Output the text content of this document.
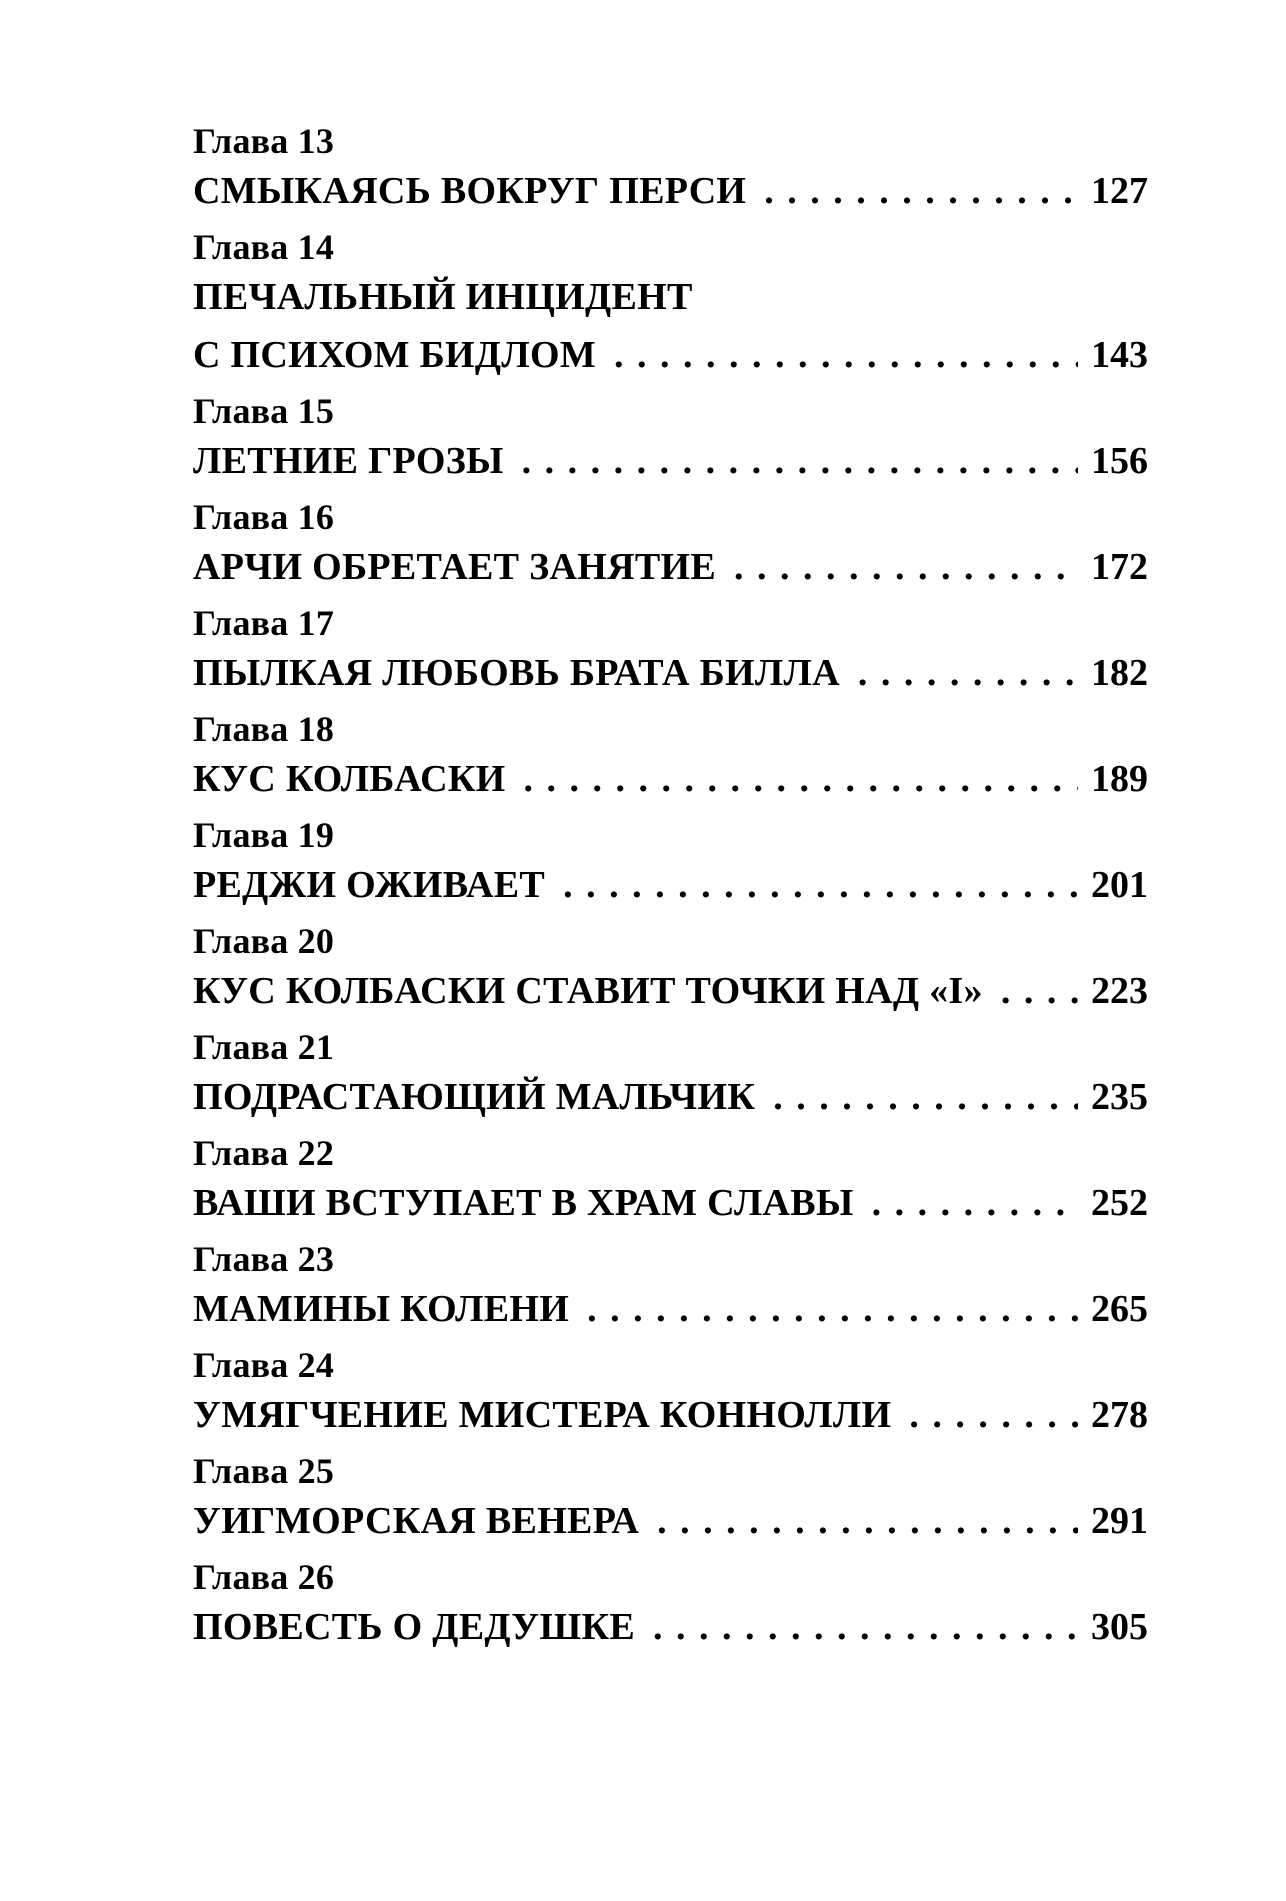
Глава 13
СМЫКАЯСЬ ВОКРУГ ПЕРСИ . . .	127
Глава 14
ПЕЧАЛЬНЫЙ ИНЦИДЕНТ
С ПСИХОМ БИДЛОМ . . .	143
Глава 15
ЛЕТНИЕ ГРОЗЫ . . .	156
Глава 16
АРЧИ ОБРЕТАЕТ ЗАНЯТИЕ . . .	172
Глава 17
ПЫЛКАЯ ЛЮБОВЬ БРАТА БИЛЛА . . .	182
Глава 18
КУС КОЛБАСКИ . . .	189
Глава 19
РЕДЖИ ОЖИВАЕТ . . .	201
Глава 20
КУС КОЛБАСКИ СТАВИТ ТОЧКИ НАД «I» . . .	223
Глава 21
ПОДРАСТАЮЩИЙ МАЛЬЧИК . . .	235
Глава 22
ВАШИ ВСТУПАЕТ В ХРАМ СЛАВЫ . . .	252
Глава 23
МАМИНЫ КОЛЕНИ . . .	265
Глава 24
УМЯГЧЕНИЕ МИСТЕРА КОННОЛЛИ . . .	278
Глава 25
УИГМОРСКАЯ ВЕНЕРА . . .	291
Глава 26
ПОВЕСТЬ О ДЕДУШКЕ . . .	305
